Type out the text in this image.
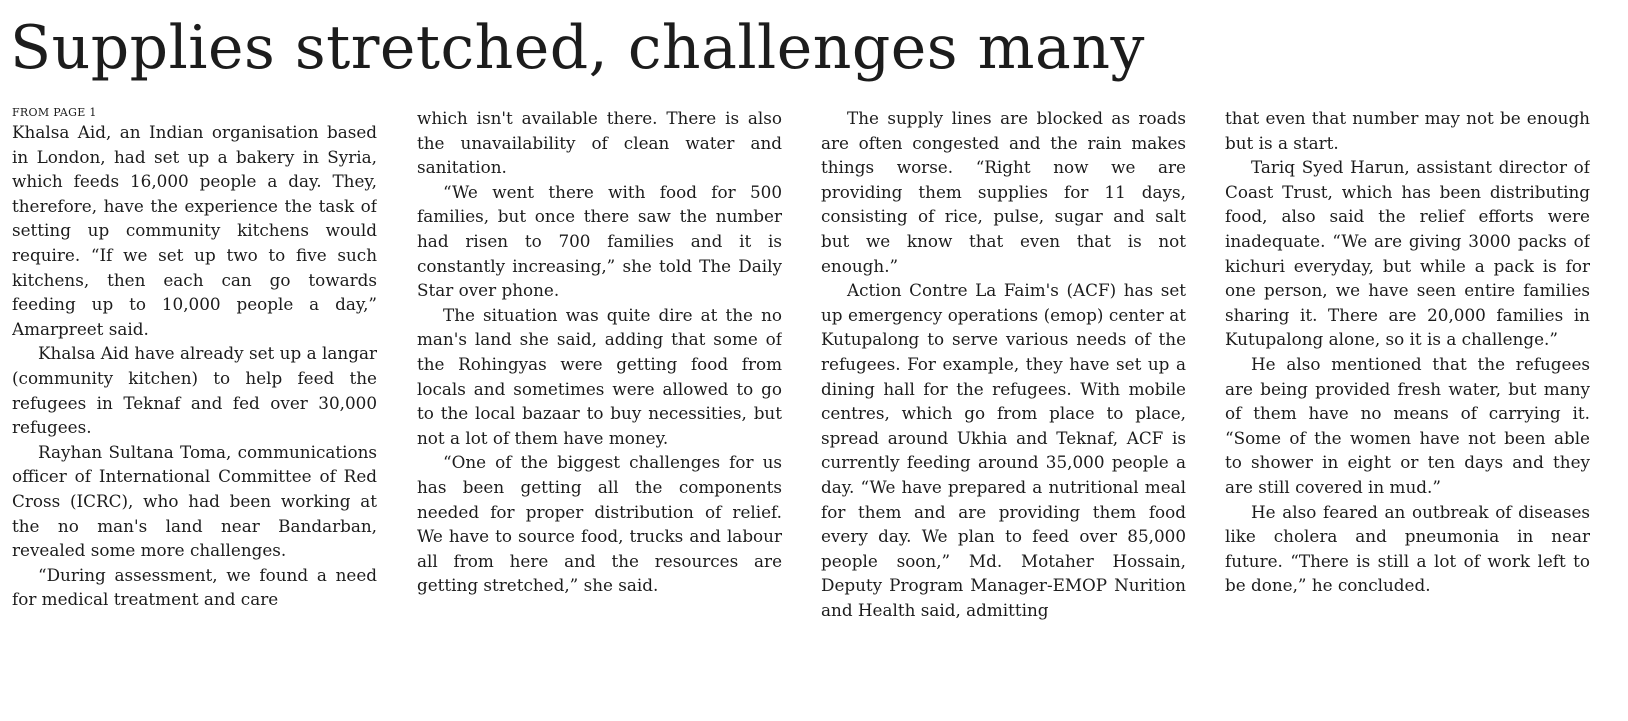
Supplies stretched, challenges many
FROM PAGE 1

Khalsa Aid, an Indian organisation based in London, had set up a bakery in Syria, which feeds 16,000 people a day. They, therefore, have the experience the task of setting up community kitchens would require. “If we set up two to five such kitchens, then each can go towards feeding up to 10,000 people a day,” Amarpreet said.

Khalsa Aid have already set up a langar (community kitchen) to help feed the refugees in Teknaf and fed over 30,000 refugees.

Rayhan Sultana Toma, communications officer of International Committee of Red Cross (ICRC), who had been working at the no man's land near Bandarban, revealed some more challenges.

“During assessment, we found a need for medical treatment and care

which isn't available there. There is also the unavailability of clean water and sanitation.

“We went there with food for 500 families, but once there saw the number had risen to 700 families and it is constantly increasing,” she told The Daily Star over phone.

The situation was quite dire at the no man's land she said, adding that some of the Rohingyas were getting food from locals and sometimes were allowed to go to the local bazaar to buy necessities, but not a lot of them have money.

“One of the biggest challenges for us has been getting all the components needed for proper distribution of relief. We have to source food, trucks and labour all from here and the resources are getting stretched,” she said.

The supply lines are blocked as roads are often congested and the rain makes things worse. “Right now we are providing them supplies for 11 days, consisting of rice, pulse, sugar and salt but we know that even that is not enough.”

Action Contre La Faim's (ACF) has set up emergency operations (emop) center at Kutupalong to serve various needs of the refugees. For example, they have set up a dining hall for the refugees. With mobile centres, which go from place to place, spread around Ukhia and Teknaf, ACF is currently feeding around 35,000 people a day. “We have prepared a nutritional meal for them and are providing them food every day. We plan to feed over 85,000 people soon,” Md. Motaher Hossain, Deputy Program Manager-EMOP Nurition and Health said, admitting

that even that number may not be enough but is a start.

Tariq Syed Harun, assistant director of Coast Trust, which has been distributing food, also said the relief efforts were inadequate. “We are giving 3000 packs of kichuri everyday, but while a pack is for one person, we have seen entire families sharing it. There are 20,000 families in Kutupalong alone, so it is a challenge.”

He also mentioned that the refugees are being provided fresh water, but many of them have no means of carrying it. “Some of the women have not been able to shower in eight or ten days and they are still covered in mud.”

He also feared an outbreak of diseases like cholera and pneumonia in near future. “There is still a lot of work left to be done,” he concluded.
